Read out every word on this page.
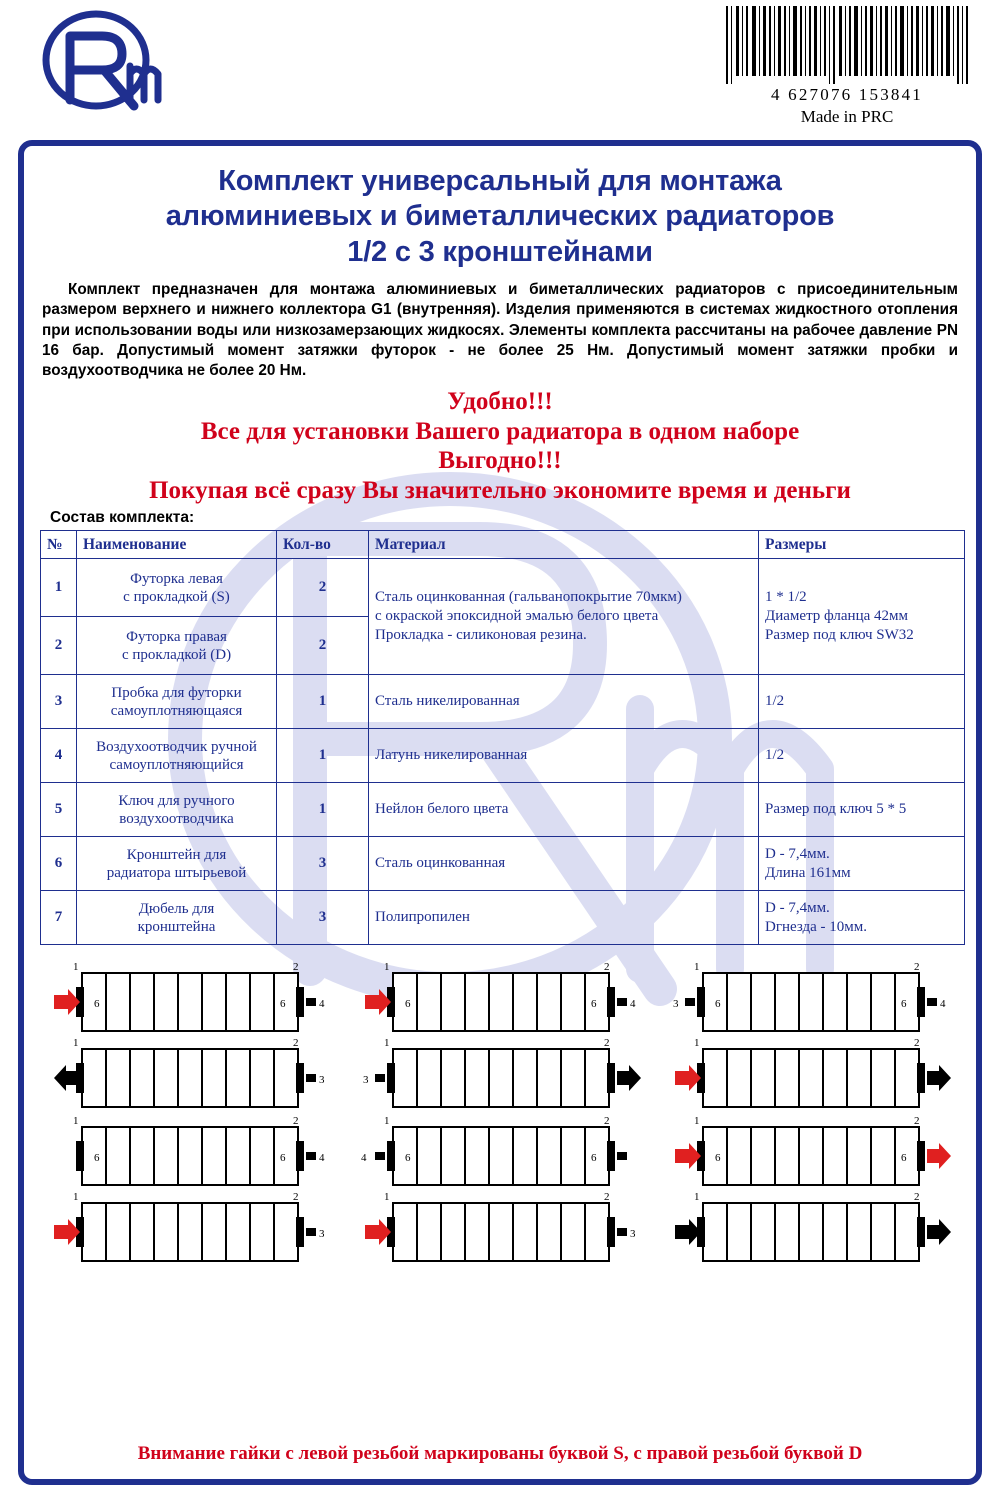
4 627076 153841
Made in PRC
Комплект универсальный для монтажа
алюминиевых и биметаллических радиаторов
1/2 с 3 кронштейнами

Комплект предназначен для монтажа алюминиевых и биметаллических радиаторов с присоединительным размером верхнего и нижнего коллектора G1 (внутренняя). Изделия применяются в системах жидкостного отопления при использовании воды или низкозамерзающих жидкосях. Элементы комплекта рассчитаны на рабочее давление PN 16 бар. Допустимый момент затяжки футорок - не более 25 Нм. Допустимый момент затяжки пробки и воздухоотводчика не более 20 Нм.

Удобно!!!
Все для установки Вашего радиатора в одном наборе
Выгодно!!!
Покупая всё сразу Вы значительно экономите время и деньги
Состав комплекта:
№	Наименование	Кол-во	Материал	Размеры
1	Футорка левая
с прокладкой (S)	2	Сталь оцинкованная (гальванопокрытие 70мкм)
с окраской эпоксидной эмалью белого цвета
Прокладка - силиконовая резина.	1 * 1/2
Диаметр фланца 42мм
Размер под ключ SW32
2	Футорка правая
с прокладкой (D)	2		
3	Пробка для футорки
самоуплотняющаяся	1	Сталь никелированная	1/2
4	Воздухоотводчик ручной
самоуплотняющийся	1	Латунь никелированная	1/2
5	Ключ для ручного
воздухоотводчика	1	Нейлон белого цвета	Размер под ключ 5 * 5
6	Кронштейн для
радиатора штырьевой	3	Сталь оцинкованная	D - 7,4мм.
Длина 161мм
7	Дюбель для
кронштейна	3	Полипропилен	D - 7,4мм.
Dгнезда - 10мм.
1	2
6	6	4
1	2
3
1	2
6	6	4
3
1	2
3
1	2
6	6	4
1	2
1	2
6	6	4
1	2
3
4
1	2
6	6
1	2
3
1	2
6	6
1	2
Внимание гайки с левой резьбой маркированы буквой S, с правой резьбой буквой D
